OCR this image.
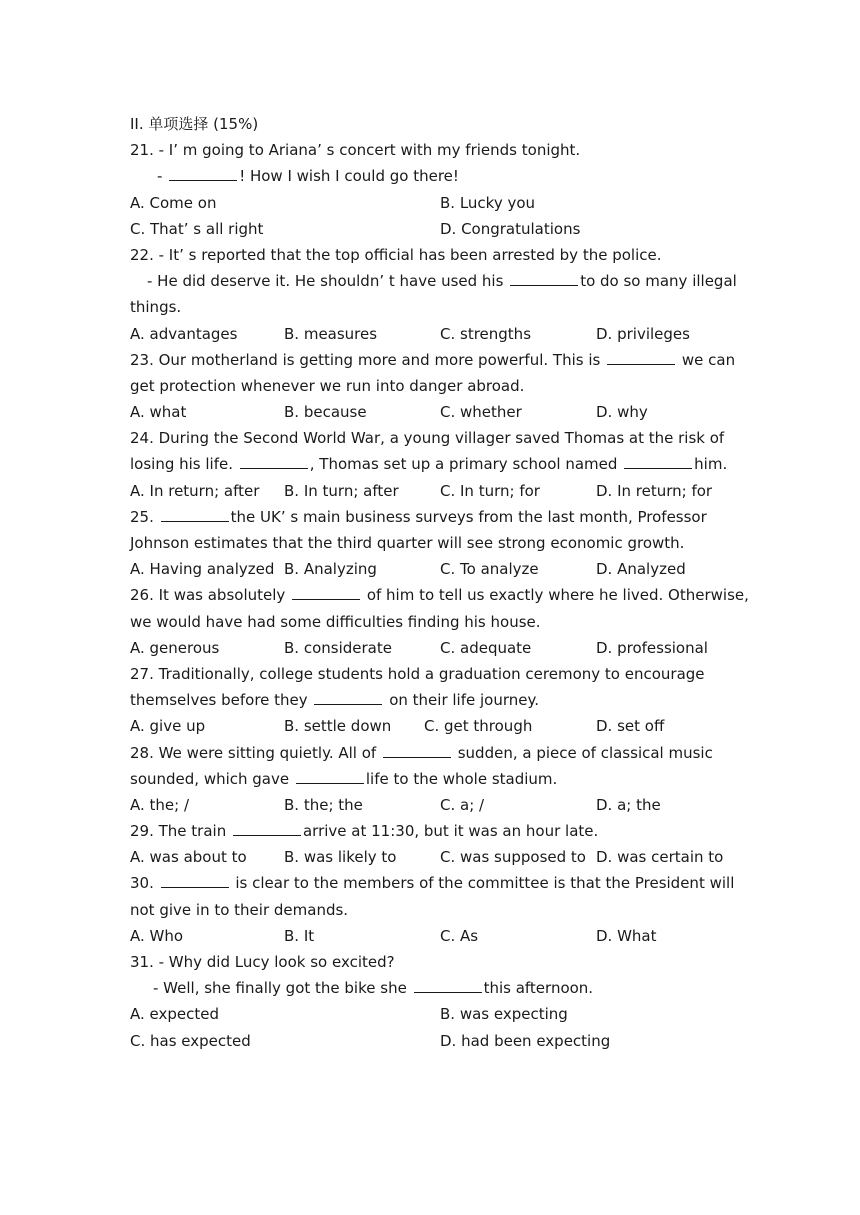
II. 单项选择 (15%)
21. - I’ m going to Ariana’ s concert with my friends tonight.
-	! How I wish I could go there!
A. Come on	B. Lucky you
C. That’ s all right	D. Congratulations
22. - It’ s reported that the top official has been arrested by the police.
- He did deserve it. He shouldn’ t have used his	to do so many illegal
things.
A. advantages	B. measures	C. strengths	D. privileges
23. Our motherland is getting more and more powerful. This is	we can
get protection whenever we run into danger abroad.
A. what	B. because	C. whether	D. why
24. During the Second World War, a young villager saved Thomas at the risk of
losing his life.	, Thomas set up a primary school named	him.
A. In return; after B. In turn; after	C. In turn; for	D. In return; for
25.	the UK’ s main business surveys from the last month, Professor
Johnson estimates that the third quarter will see strong economic growth.
A. Having analyzed B. Analyzing	C. To analyze	D. Analyzed
26. It was absolutely	of him to tell us exactly where he lived. Otherwise,
we would have had some difficulties finding his house.
A. generous	B. considerate	C. adequate	D. professional
27. Traditionally, college students hold a graduation ceremony to encourage
themselves before they	on their life journey.
A. give up	B. settle down C. get through	D. set off
28. We were sitting quietly. All of	sudden, a piece of classical music
sounded, which gave	life to the whole stadium.
A. the; /	B. the; the	C. a; /	D. a; the
29. The train	arrive at 11:30, but it was an hour late.
A. was about to B. was likely to	C. was supposed to D. was certain to
30.	is clear to the members of the committee is that the President will
not give in to their demands.
A. Who	B. It	C. As	D. What
31. - Why did Lucy look so excited?
- Well, she finally got the bike she	this afternoon.
A. expected	B. was expecting
C. has expected	D. had been expecting
